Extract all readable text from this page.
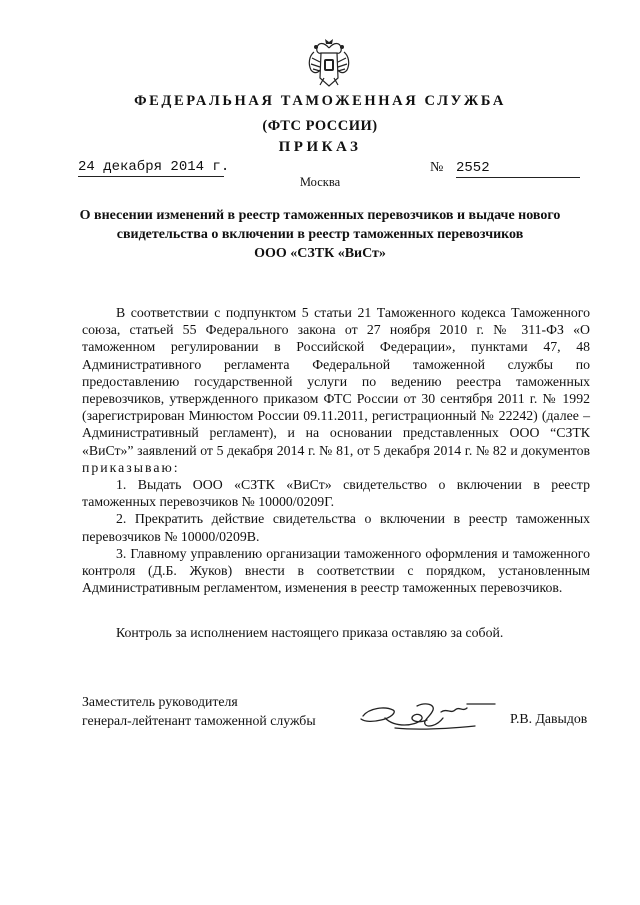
ФЕДЕРАЛЬНАЯ ТАМОЖЕННАЯ СЛУЖБА
(ФТС РОССИИ)
ПРИКАЗ
24 декабря 2014 г.	№ 2552
Москва
О внесении изменений в реестр таможенных перевозчиков и выдаче нового
свидетельства о включении в реестр таможенных перевозчиков
ООО «СЗТК «ВиСт»

В соответствии с подпунктом 5 статьи 21 Таможенного кодекса Таможенного союза, статьей 55 Федерального закона от 27 ноября 2010 г. № 311-ФЗ «О таможенном регулировании в Российской Федерации», пунктами 47, 48 Административного регламента Федеральной таможенной службы по предоставлению государственной услуги по ведению реестра таможенных перевозчиков, утвержденного приказом ФТС России от 30 сентября 2011 г. № 1992 (зарегистрирован Минюстом России 09.11.2011, регистрационный № 22242) (далее – Административный регламент), и на основании представленных ООО “СЗТК «ВиСт»” заявлений от 5 декабря 2014 г. № 81, от 5 декабря 2014 г. № 82 и документов приказываю:

1. Выдать ООО «СЗТК «ВиСт» свидетельство о включении в реестр таможенных перевозчиков № 10000/0209Г.

2. Прекратить действие свидетельства о включении в реестр таможенных перевозчиков № 10000/0209В.

3. Главному управлению организации таможенного оформления и таможенного контроля (Д.Б. Жуков) внести в соответствии с порядком, установленным Административным регламентом, изменения в реестр таможенных перевозчиков.

Контроль за исполнением настоящего приказа оставляю за собой.
Заместитель руководителя
генерал-лейтенант таможенной службы	Р.В. Давыдов
